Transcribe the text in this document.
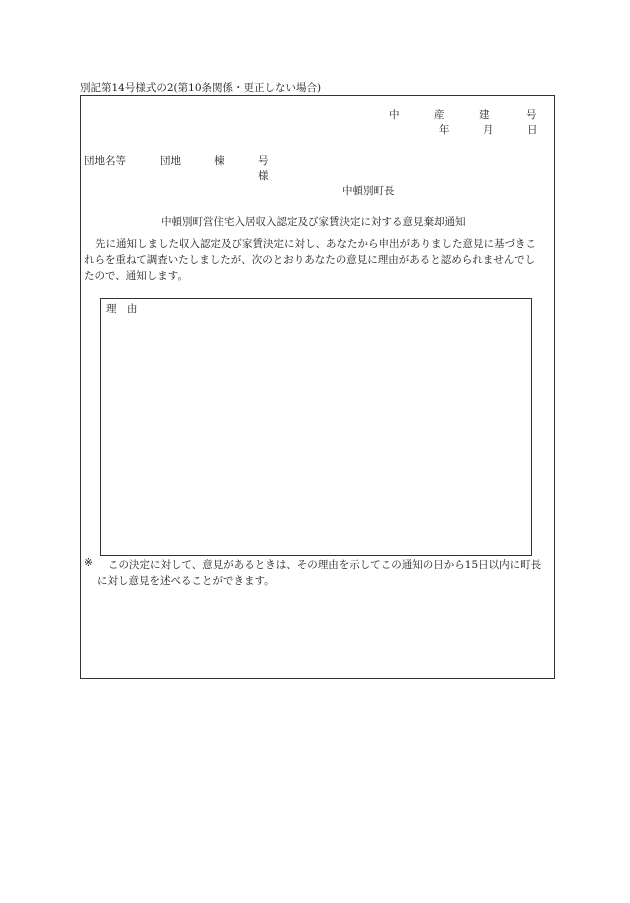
別記第14号様式の2(第10条関係・更正しない場合)
中	産	建	号
年	月	日
団地名等	団地	棟	号
様
中頓別町長
中頓別町営住宅入居収入認定及び家賃決定に対する意見棄却通知
先に通知しました収入認定及び家賃決定に対し、あなたから申出がありました意見に基づきこ
れらを重ねて調査いたしましたが、次のとおりあなたの意見に理由があると認められませんでし
たので、通知します。
理　由
※	この決定に対して、意見があるときは、その理由を示してこの通知の日から15日以内に町長
に対し意見を述べることができます。
